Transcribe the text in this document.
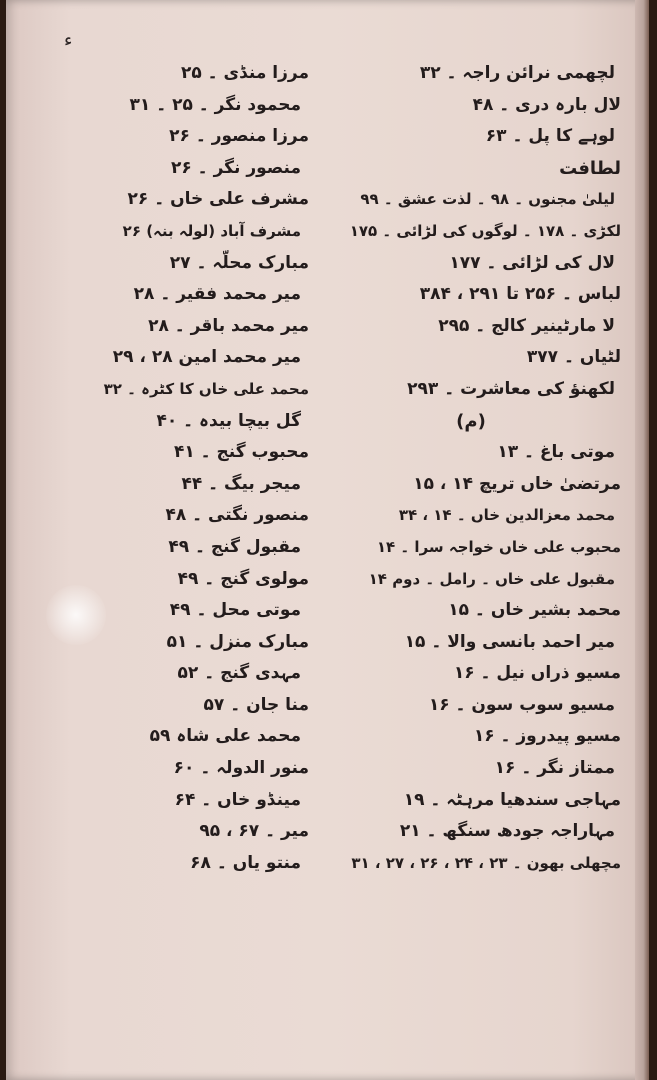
ء
لچھمی نرائن راجہ ۔ ۳۲
لال بارہ دری ۔ ۴۸
لوہے کا پل ۔ ۶۳
لطافت
لیلیٰ مجنوں ۔ ۹۸ ۔ لذت عشق ۔ ۹۹
لکڑی ۔ ۱۷۸ ۔ لوگوں کی لڑائی ۔ ۱۷۵
لال کی لڑائی ۔ ۱۷۷
لباس ۔ ۲۵۶ تا ۲۹۱ ، ۳۸۴
لا مارٹینیر کالج ۔ ۲۹۵
لٹیاں ۔ ۳۷۷
لکھنؤ کی معاشرت ۔ ۲۹۳
(م)
موتی باغ ۔ ۱۳
مرتضیٰ خاں تریچ ۱۴ ، ۱۵
محمد معزالدین خاں ۔ ۱۴ ، ۳۴
محبوب علی خاں خواجہ سرا ۔ ۱۴
مقبول علی خاں ۔ رامل ۔ دوم ۱۴
محمد بشیر خاں ۔ ۱۵
میر احمد بانسی والا ۔ ۱۵
مسیو ذراں نیل ۔ ۱۶
مسیو سوب سون ۔ ۱۶
مسیو پیدروز ۔ ۱۶
ممتاز نگر ۔ ۱۶
مہاجی سندھیا مرہٹہ ۔ ۱۹
مہاراجہ جودھ سنگھ ۔ ۲۱
مچھلی بھون ۔ ۲۳ ، ۲۴ ، ۲۶ ، ۲۷ ، ۳۱
مرزا منڈی ۔ ۲۵
محمود نگر ۔ ۲۵ ۔ ۳۱
مرزا منصور ۔ ۲۶
منصور نگر ۔ ۲۶
مشرف علی خاں ۔ ۲۶
مشرف آباد (لولہ بنہ) ۲۶
مبارک محلّہ ۔ ۲۷
میر محمد فقیر ۔ ۲۸
میر محمد باقر ۔ ۲۸
میر محمد امین ۲۸ ، ۲۹
محمد علی خاں کا کٹرہ ۔ ۳۲
گل بیچا بیدہ ۔ ۴۰
محبوب گنج ۔ ۴۱
میجر بیگ ۔ ۴۴
منصور نگتی ۔ ۴۸
مقبول گنج ۔ ۴۹
مولوی گنج ۔ ۴۹
موتی محل ۔ ۴۹
مبارک منزل ۔ ۵۱
مہدی گنج ۔ ۵۲
منا جان ۔ ۵۷
محمد علی شاہ ۵۹
منور الدولہ ۔ ۶۰
مینڈو خاں ۔ ۶۴
میر ۔ ۶۷ ، ۹۵
منتو یاں ۔ ۶۸
